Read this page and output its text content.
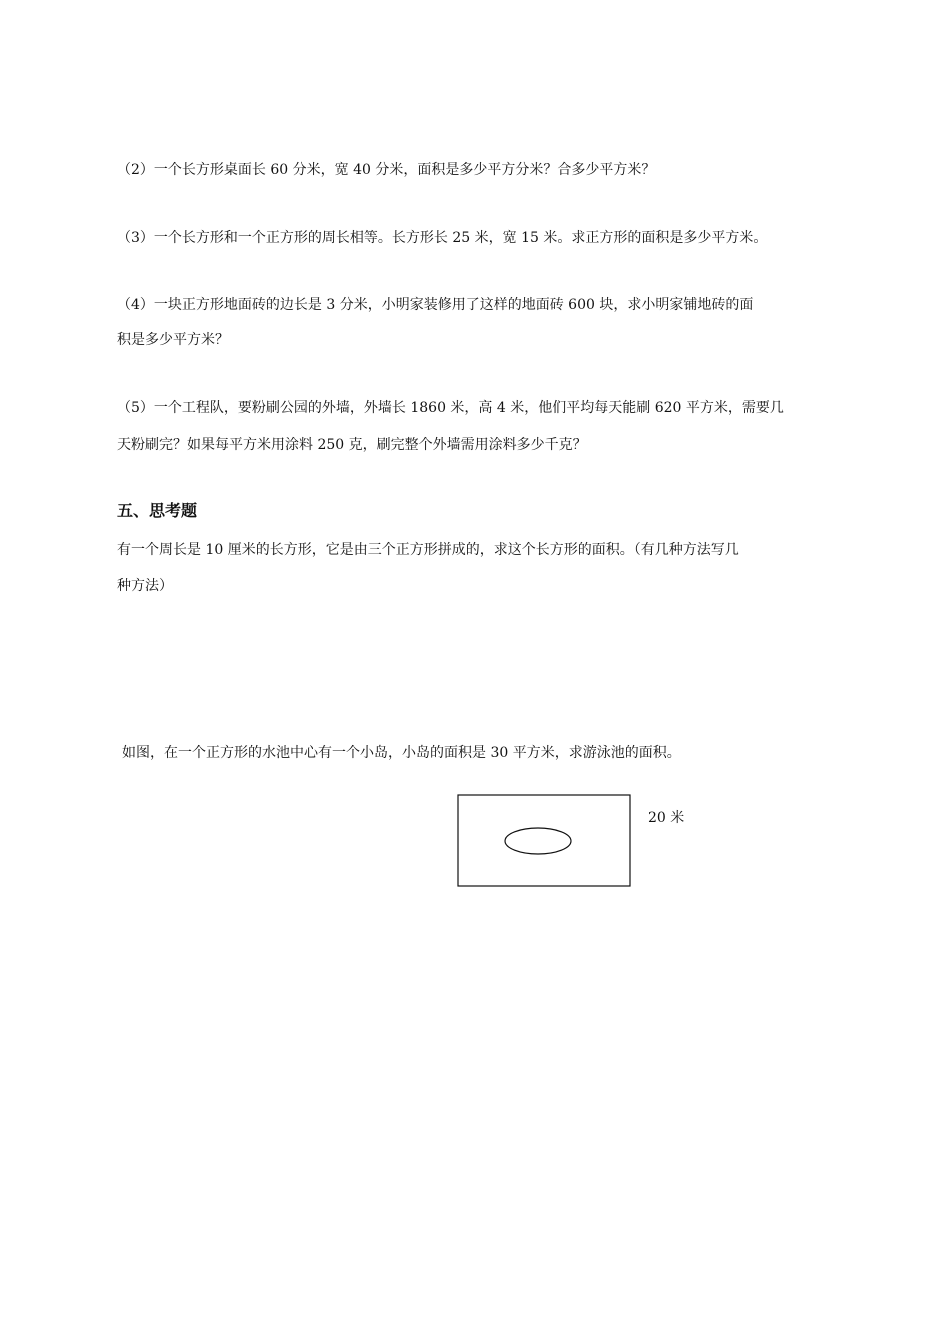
（2）一个长方形桌面长 60 分米，宽 40 分米，面积是多少平方分米？合多少平方米？
（3）一个长方形和一个正方形的周长相等。长方形长 25 米，宽 15 米。求正方形的面积是多少平方米。
（4）一块正方形地面砖的边长是 3 分米，小明家装修用了这样的地面砖 600 块，求小明家铺地砖的面
积是多少平方米？
（5）一个工程队，要粉刷公园的外墙，外墙长 1860 米，高 4 米，他们平均每天能刷 620 平方米，需要几
天粉刷完？如果每平方米用涂料 250 克，刷完整个外墙需用涂料多少千克？
五、思考题
有一个周长是 10 厘米的长方形，它是由三个正方形拼成的，求这个长方形的面积。（有几种方法写几
种方法）
如图，在一个正方形的水池中心有一个小岛，小岛的面积是 30 平方米，求游泳池的面积。
20 米
